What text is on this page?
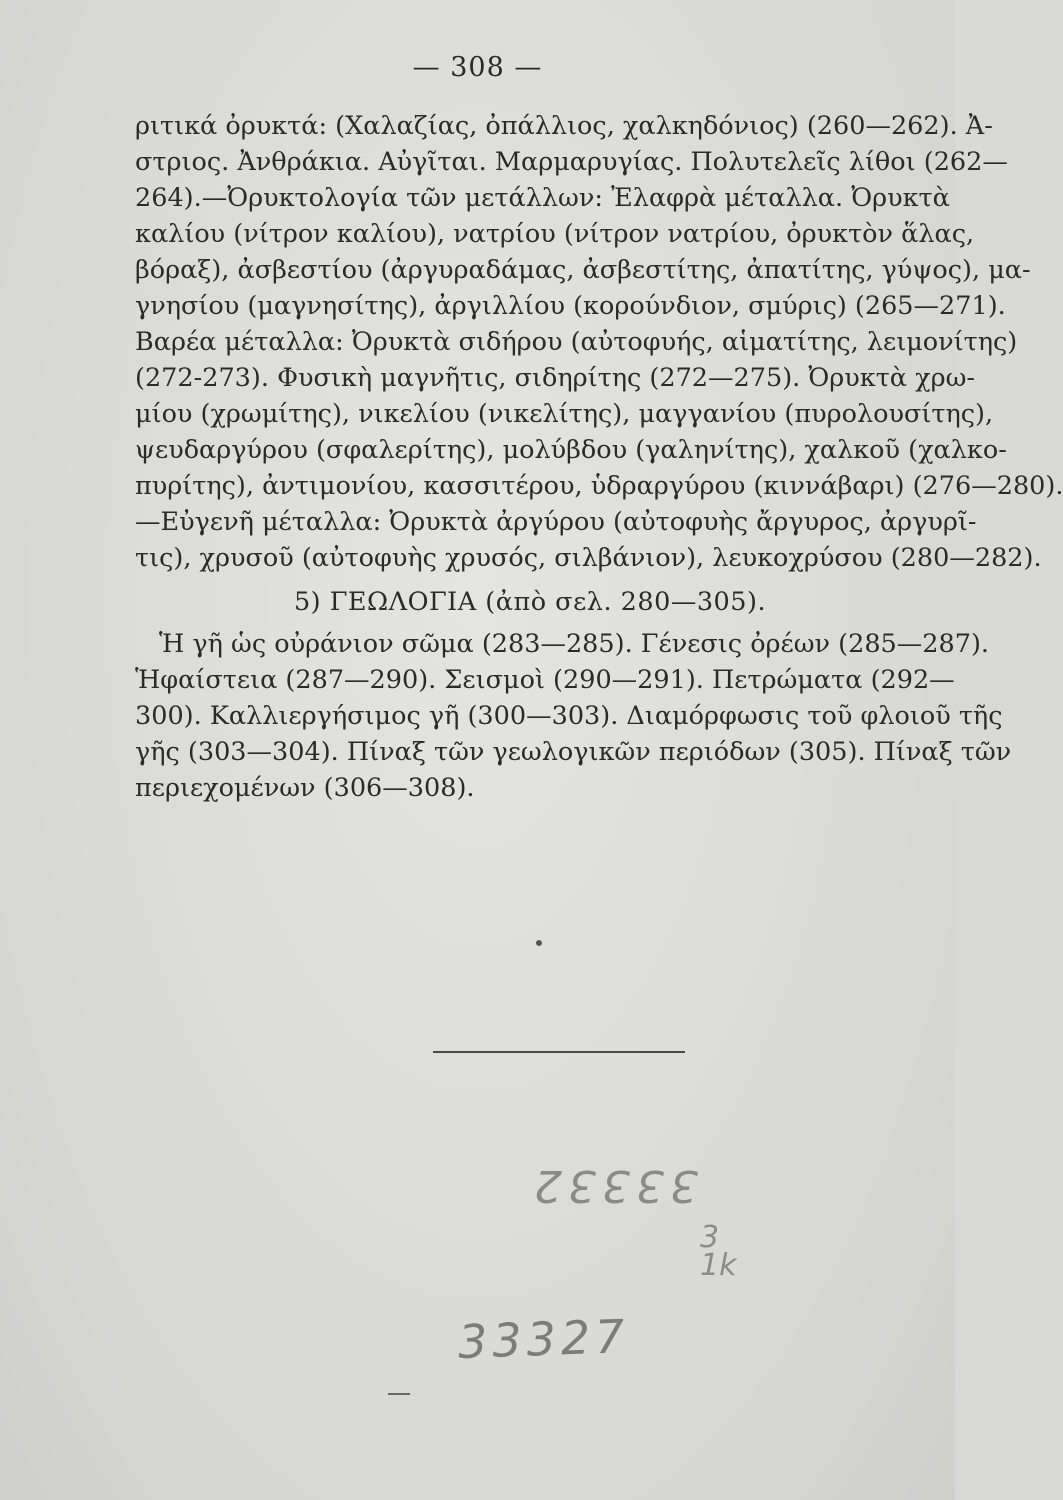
— 308 —
ριτικά ὀρυκτά: (Χαλαζίας, ὀπάλλιος, χαλκηδόνιος) (260—262). Ἀ-
στριος. Ἀνθράκια. Αὐγῖται. Μαρμαρυγίας. Πολυτελεῖς λίθοι (262—
264).—Ὀρυκτολογία τῶν μετάλλων: Ἐλαφρὰ μέταλλα. Ὀρυκτὰ
καλίου (νίτρον καλίου), νατρίου (νίτρον νατρίου, ὀρυκτὸν ἅλας,
βόραξ), ἀσβεστίου (ἀργυραδάμας, ἀσβεστίτης, ἀπατίτης, γύψος), μα-
γνησίου (μαγνησίτης), ἀργιλλίου (κορούνδιον, σμύρις) (265—271).
Βαρέα μέταλλα: Ὀρυκτὰ σιδήρου (αὐτοφυής, αἱματίτης, λειμονίτης)
(272-273). Φυσικὴ μαγνῆτις, σιδηρίτης (272—275). Ὀρυκτὰ χρω-
μίου (χρωμίτης), νικελίου (νικελίτης), μαγγανίου (πυρολουσίτης),
ψευδαργύρου (σφαλερίτης), μολύβδου (γαληνίτης), χαλκοῦ (χαλκο-
πυρίτης), ἀντιμονίου, κασσιτέρου, ὑδραργύρου (κιννάβαρι) (276—280).
—Εὐγενῆ μέταλλα: Ὀρυκτὰ ἀργύρου (αὐτοφυὴς ἄργυρος, ἀργυρῖ-
τις), χρυσοῦ (αὐτοφυὴς χρυσός, σιλβάνιον), λευκοχρύσου (280—282).
5) ΓΕΩΛΟΓΙΑ (ἀπὸ σελ. 280—305).
Ἡ γῆ ὡς οὐράνιον σῶμα (283—285). Γένεσις ὀρέων (285—287).
Ἡφαίστεια (287—290). Σεισμοὶ (290—291). Πετρώματα (292—
300). Καλλιεργήσιμος γῆ (300—303). Διαμόρφωσις τοῦ φλοιοῦ τῆς
γῆς (303—304). Πίναξ τῶν γεωλογικῶν περιόδων (305). Πίναξ τῶν
περιεχομένων (306—308).
33332
3
1k
33327
